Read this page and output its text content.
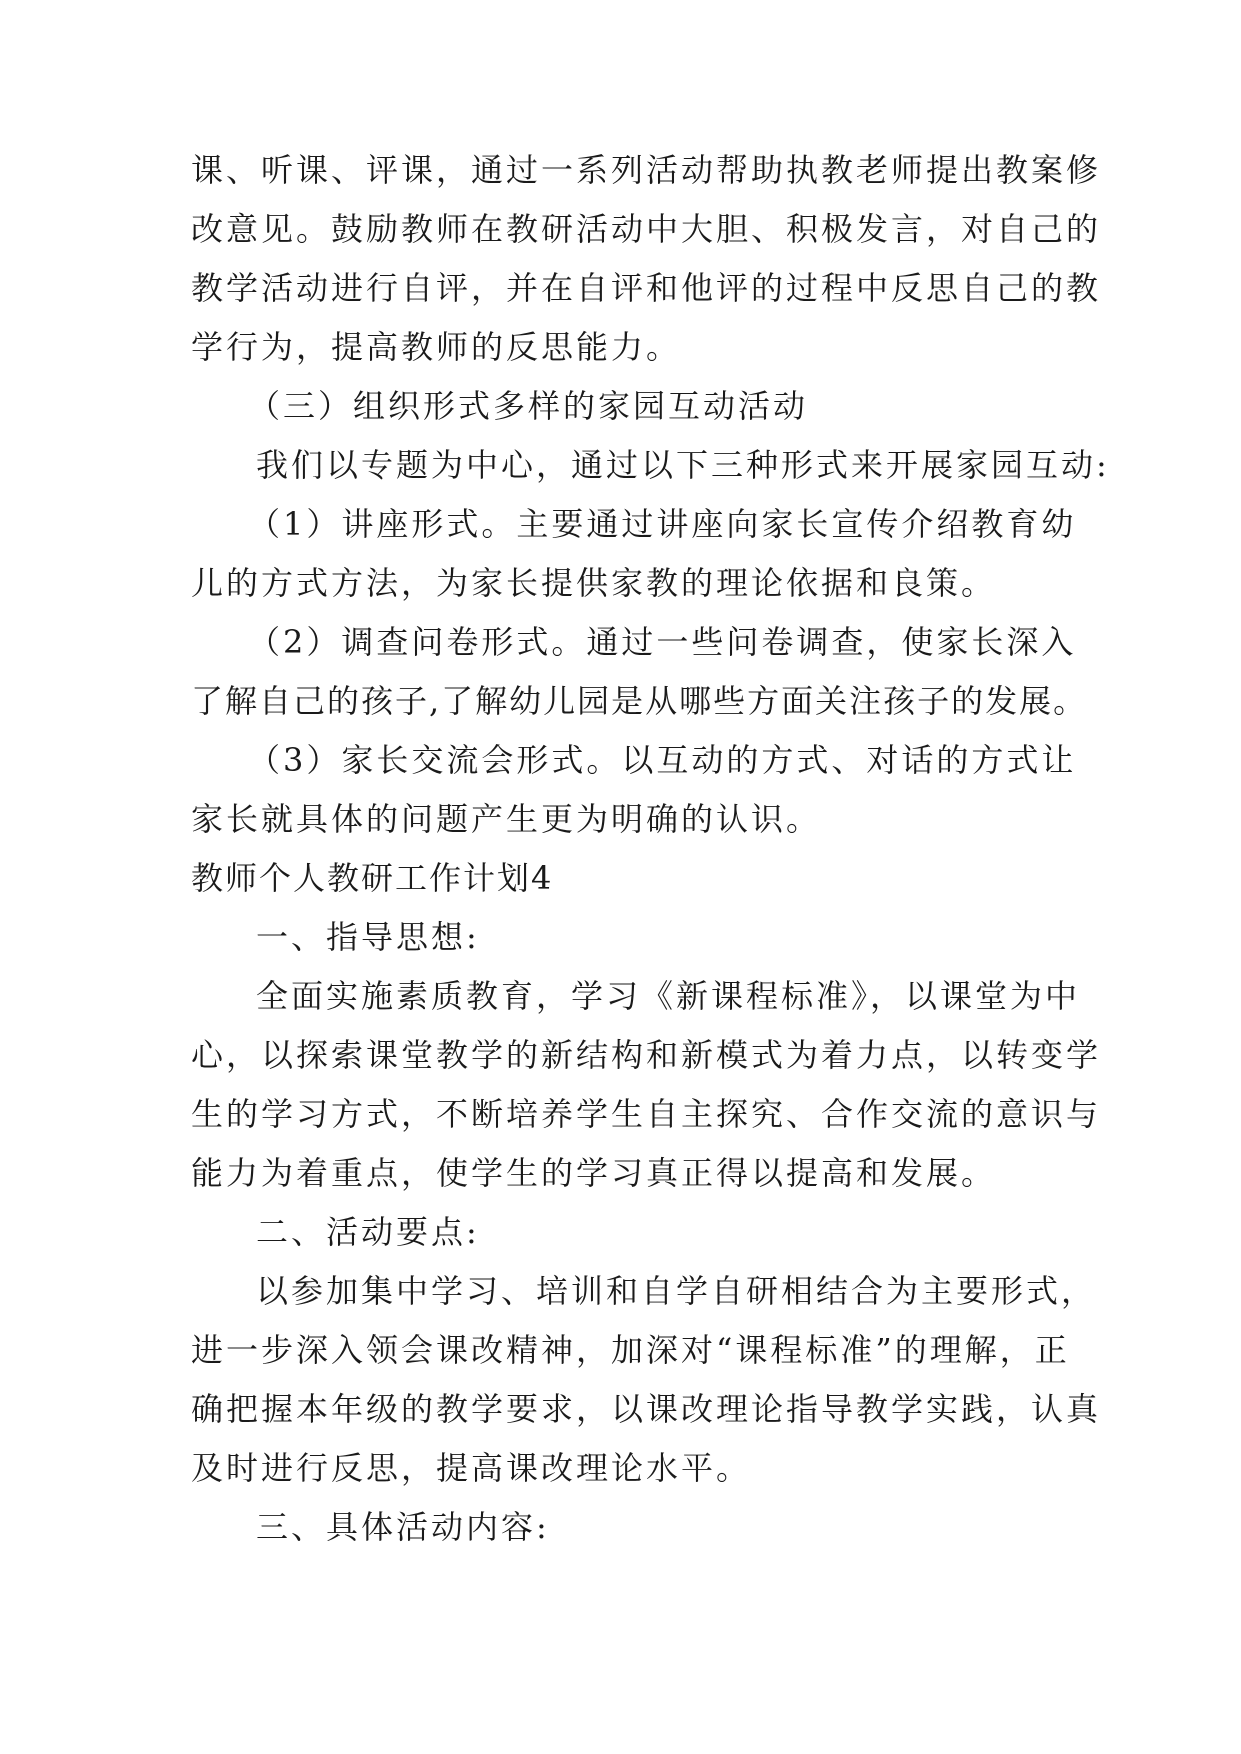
课、听课、评课，通过一系列活动帮助执教老师提出教案修
改意见。鼓励教师在教研活动中大胆、积极发言，对自己的
教学活动进行自评，并在自评和他评的过程中反思自己的教
学行为，提高教师的反思能力。
（三）组织形式多样的家园互动活动
我们以专题为中心，通过以下三种形式来开展家园互动:
（1）讲座形式。主要通过讲座向家长宣传介绍教育幼
儿的方式方法，为家长提供家教的理论依据和良策。
（2）调查问卷形式。通过一些问卷调查，使家长深入
了解自己的孩子,了解幼儿园是从哪些方面关注孩子的发展。
（3）家长交流会形式。以互动的方式、对话的方式让
家长就具体的问题产生更为明确的认识。
教师个人教研工作计划4
一、指导思想:
全面实施素质教育，学习《新课程标准》，以课堂为中
心，以探索课堂教学的新结构和新模式为着力点，以转变学
生的学习方式，不断培养学生自主探究、合作交流的意识与
能力为着重点，使学生的学习真正得以提高和发展。
二、活动要点:
以参加集中学习、培训和自学自研相结合为主要形式，
进一步深入领会课改精神，加深对“课程标准”的理解，正
确把握本年级的教学要求，以课改理论指导教学实践，认真
及时进行反思，提高课改理论水平。
三、具体活动内容:
